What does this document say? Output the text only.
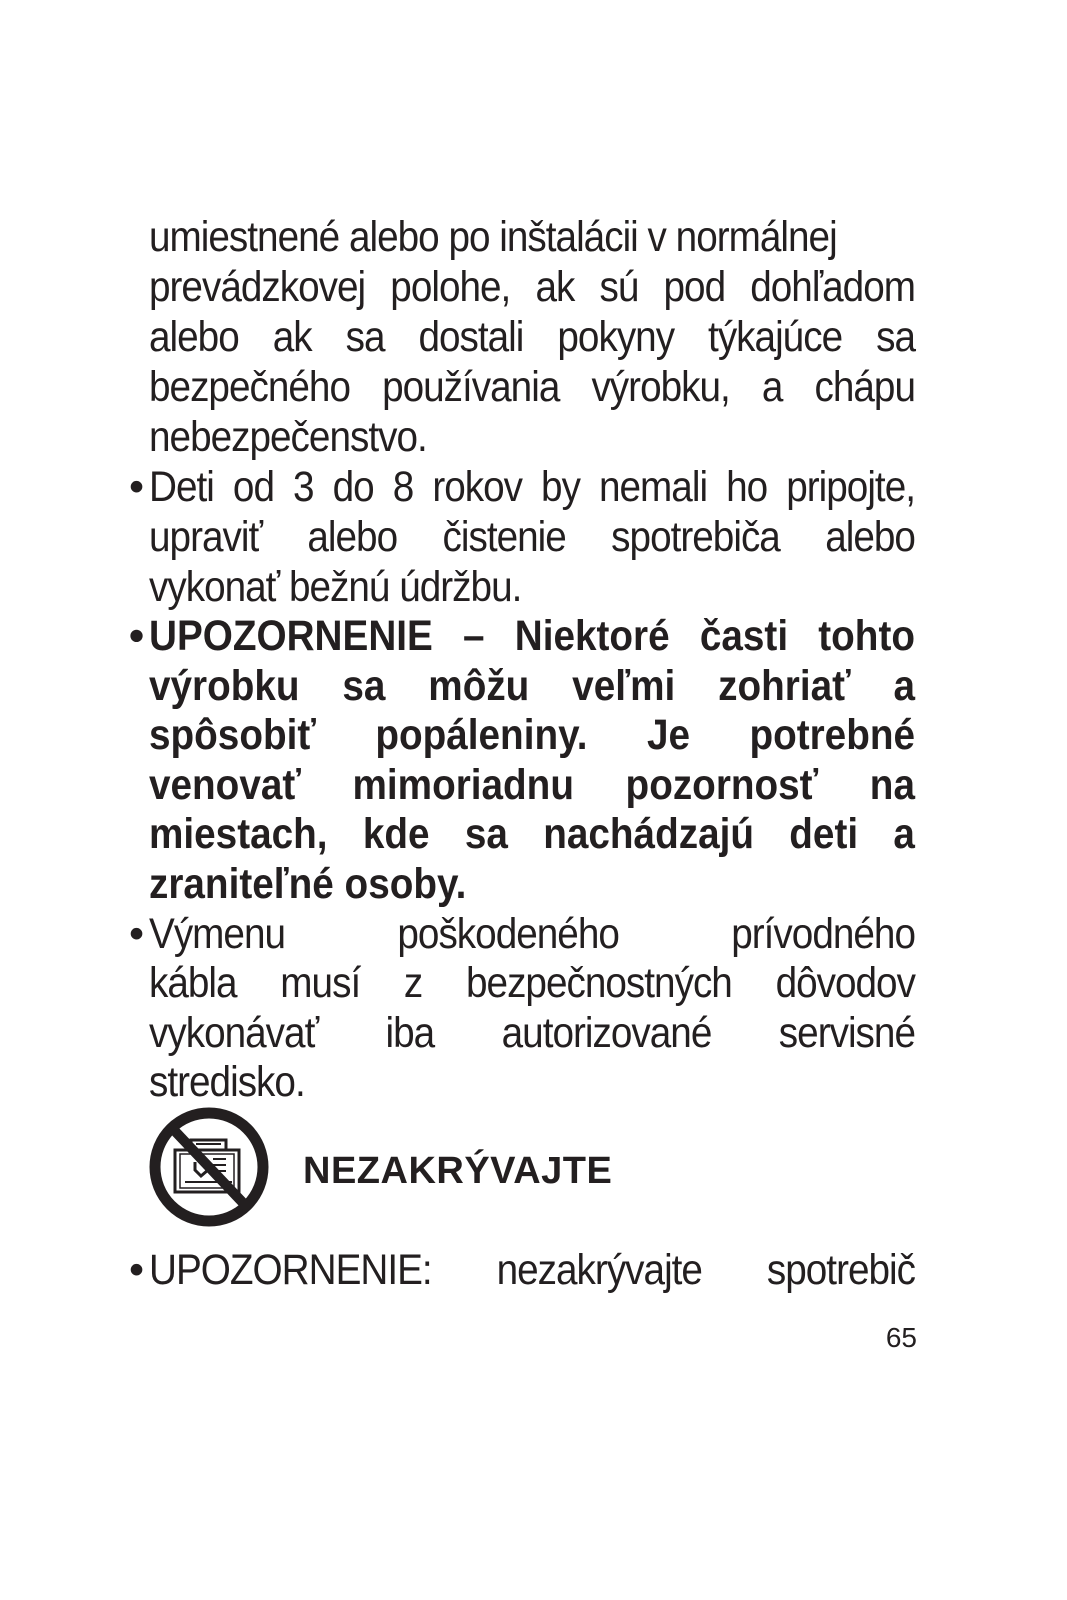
umiestnené alebo po inštalácii v normálnej
prevádzkovej polohe, ak sú pod dohľadom
alebo ak sa dostali pokyny týkajúce sa
bezpečného používania výrobku, a chápu
nebezpečenstvo.
Deti od 3 do 8 rokov by nemali ho pripojte,
•
upraviť alebo čistenie spotrebiča alebo
vykonať bežnú údržbu.
UPOZORNENIE – Niektoré časti tohto
•
výrobku sa môžu veľmi zohriať a
spôsobiť popáleniny. Je potrebné
venovať mimoriadnu pozornosť na
miestach, kde sa nachádzajú deti a
zraniteľné osoby.
Výmenu	poškodeného	prívodného
•
kábla musí z bezpečnostných dôvodov
vykonávať iba autorizované servisné
stredisko.
NEZAKRÝVAJTE
UPOZORNENIE: nezakrývajte spotrebič
•
65
